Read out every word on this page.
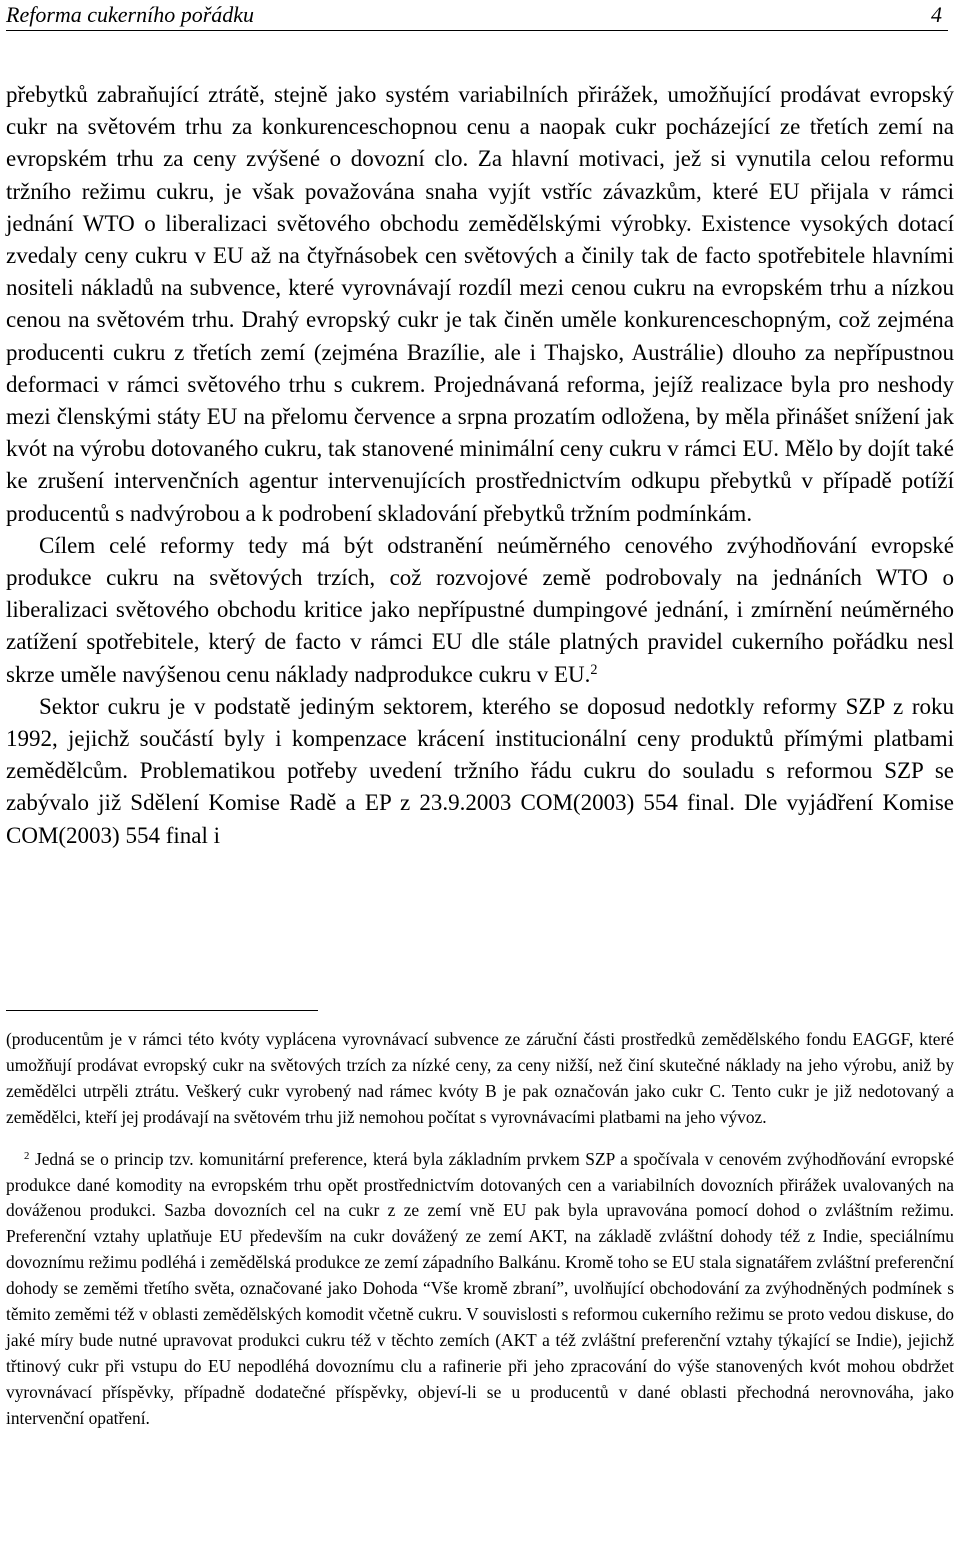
Reforma cukerního pořádku	4

přebytků zabraňující ztrátě, stejně jako systém variabilních přirážek, umožňující prodávat evropský cukr na světovém trhu za konkurenceschopnou cenu a naopak cukr pocházející ze třetích zemí na evropském trhu za ceny zvýšené o dovozní clo. Za hlavní motivaci, jež si vynutila celou reformu tržního režimu cukru, je však považována snaha vyjít vstříc závazkům, které EU přijala v rámci jednání WTO o liberalizaci světového obchodu zemědělskými výrobky. Existence vysokých dotací zvedaly ceny cukru v EU až na čtyřnásobek cen světových a činily tak de facto spotřebitele hlavními nositeli nákladů na subvence, které vyrovnávají rozdíl mezi cenou cukru na evropském trhu a nízkou cenou na světovém trhu. Drahý evropský cukr je tak činěn uměle konkurenceschopným, což zejména producenti cukru z třetích zemí (zejména Brazílie, ale i Thajsko, Austrálie) dlouho za nepřípustnou deformaci v rámci světového trhu s cukrem. Projednávaná reforma, jejíž realizace byla pro neshody mezi členskými státy EU na přelomu července a srpna prozatím odložena, by měla přinášet snížení jak kvót na výrobu dotovaného cukru, tak stanovené minimální ceny cukru v rámci EU. Mělo by dojít také ke zrušení intervenčních agentur intervenujících prostřednictvím odkupu přebytků v případě potíží producentů s nadvýrobou a k podrobení skladování přebytků tržním podmínkám.

Cílem celé reformy tedy má být odstranění neúměrného cenového zvýhodňování evropské produkce cukru na světových trzích, což rozvojové země podrobovaly na jednáních WTO o liberalizaci světového obchodu kritice jako nepřípustné dumpingové jednání, i zmírnění neúměrného zatížení spotřebitele, který de facto v rámci EU dle stále platných pravidel cukerního pořádku nesl skrze uměle navýšenou cenu náklady nadprodukce cukru v EU.$^2$

Sektor cukru je v podstatě jediným sektorem, kterého se doposud nedotkly reformy SZP z roku 1992, jejichž součástí byly i kompenzace krácení institucionální ceny produktů přímými platbami zemědělcům. Problematikou potřeby uvedení tržního řádu cukru do souladu s reformou SZP se zabývalo již Sdělení Komise Radě a EP z 23.9.2003 COM(2003) 554 final. Dle vyjádření Komise COM(2003) 554 final i

(producentům je v rámci této kvóty vyplácena vyrovnávací subvence ze záruční části prostředků zemědělského fondu EAGGF, které umožňují prodávat evropský cukr na světových trzích za nízké ceny, za ceny nižší, než činí skutečné náklady na jeho výrobu, aniž by zemědělci utrpěli ztrátu. Veškerý cukr vyrobený nad rámec kvóty B je pak označován jako cukr C. Tento cukr je již nedotovaný a zemědělci, kteří jej prodávají na světovém trhu již nemohou počítat s vyrovnávacími platbami na jeho vývoz.

$^2$ Jedná se o princip tzv. komunitární preference, která byla základním prvkem SZP a spočívala v cenovém zvýhodňování evropské produkce dané komodity na evropském trhu opět prostřednictvím dotovaných cen a variabilních dovozních přirážek uvalovaných na dováženou produkci. Sazba dovozních cel na cukr z ze zemí vně EU pak byla upravována pomocí dohod o zvláštním režimu. Preferenční vztahy uplatňuje EU především na cukr dovážený ze zemí AKT, na základě zvláštní dohody též z Indie, speciálnímu dovoznímu režimu podléhá i zemědělská produkce ze zemí západního Balkánu. Kromě toho se EU stala signatářem zvláštní preferenční dohody se zeměmi třetího světa, označované jako Dohoda “Vše kromě zbraní”, uvolňující obchodování za zvýhodněných podmínek s těmito zeměmi též v oblasti zemědělských komodit včetně cukru. V souvislosti s reformou cukerního režimu se proto vedou diskuse, do jaké míry bude nutné upravovat produkci cukru též v těchto zemích (AKT a též zvláštní preferenční vztahy týkající se Indie), jejichž třtinový cukr při vstupu do EU nepodléhá dovoznímu clu a rafinerie při jeho zpracování do výše stanovených kvót mohou obdržet vyrovnávací příspěvky, případně dodatečné příspěvky, objeví-li se u producentů v dané oblasti přechodná nerovnováha, jako intervenční opatření.
